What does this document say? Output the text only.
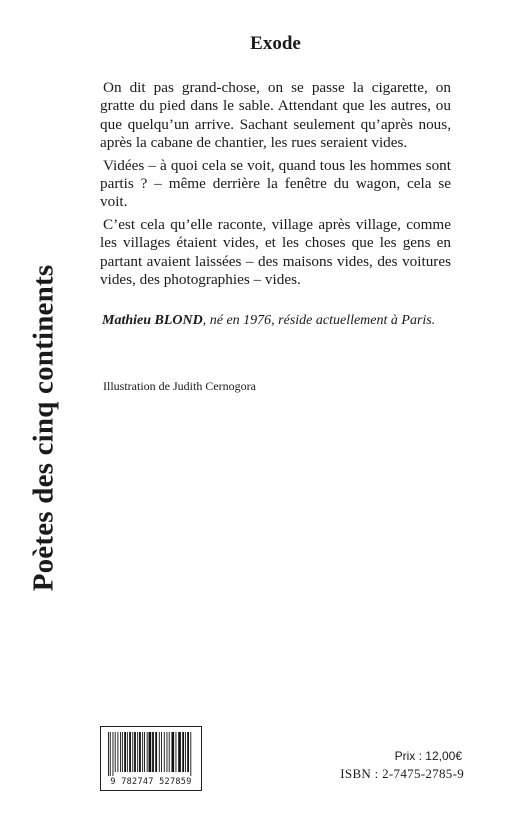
Poètes des cinq continents
Exode

On dit pas grand-chose, on se passe la cigarette, on gratte du pied dans le sable. Attendant que les autres, ou que quelqu’un arrive. Sachant seulement qu’après nous, après la cabane de chantier, les rues seraient vides.

Vidées – à quoi cela se voit, quand tous les hommes sont partis ? – même derrière la fenêtre du wagon, cela se voit.

C’est cela qu’elle raconte, village après village, comme les villages étaient vides, et les choses que les gens en partant avaient laissées – des maisons vides, des voitures vides, des photographies – vides.

Mathieu BLOND, né en 1976, réside actuellement à Paris.
Illustration de Judith Cernogora
9 782747 527859
Prix : 12,00€
ISBN : 2-7475-2785-9
